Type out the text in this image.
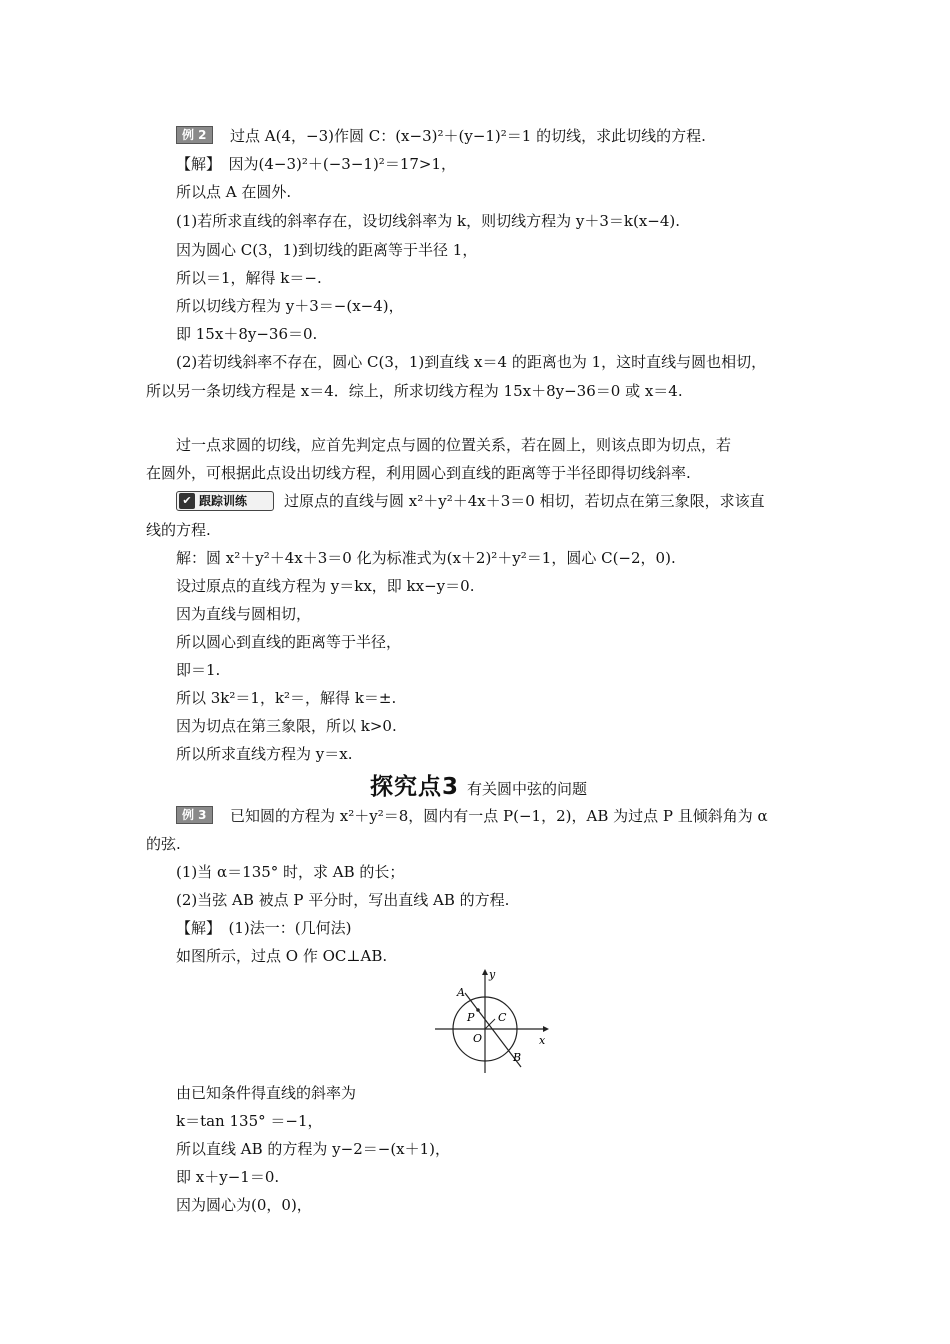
例 2	过点 A(4，−3)作圆 C：(x−3)²＋(y−1)²＝1 的切线，求此切线的方程.
【解】　因为(4−3)²＋(−3−1)²＝17>1，
所以点 A 在圆外.
(1)若所求直线的斜率存在，设切线斜率为 k，则切线方程为 y＋3＝k(x−4).
因为圆心 C(3，1)到切线的距离等于半径 1，
所以＝1，解得 k＝−.
所以切线方程为 y＋3＝−(x−4)，
即 15x＋8y−36＝0.
(2)若切线斜率不存在，圆心 C(3，1)到直线 x＝4 的距离也为 1，这时直线与圆也相切，
所以另一条切线方程是 x＝4．综上，所求切线方程为 15x＋8y−36＝0 或 x＝4.
过一点求圆的切线，应首先判定点与圆的位置关系，若在圆上，则该点即为切点，若
在圆外，可根据此点设出切线方程，利用圆心到直线的距离等于半径即得切线斜率.
✔ 跟踪训练	过原点的直线与圆 x²＋y²＋4x＋3＝0 相切，若切点在第三象限，求该直
线的方程.
解：圆 x²＋y²＋4x＋3＝0 化为标准式为(x＋2)²＋y²＝1，圆心 C(−2，0).
设过原点的直线方程为 y＝kx，即 kx−y＝0.
因为直线与圆相切，
所以圆心到直线的距离等于半径，
即＝1.
所以 3k²＝1，k²＝，解得 k＝±.
因为切点在第三象限，所以 k>0.
所以所求直线方程为 y＝x.
探究点3 有关圆中弦的问题
例 3	已知圆的方程为 x²＋y²＝8，圆内有一点 P(−1，2)，AB 为过点 P 且倾斜角为 α
的弦.
(1)当 α＝135° 时，求 AB 的长；
(2)当弦 AB 被点 P 平分时，写出直线 AB 的方程.
【解】　(1)法一：(几何法)
如图所示，过点 O 作 OC⊥AB.
y
x
A
P C
O
B
由已知条件得直线的斜率为
k＝tan 135° ＝−1，
所以直线 AB 的方程为 y−2＝−(x＋1)，
即 x＋y−1＝0.
因为圆心为(0，0)，
